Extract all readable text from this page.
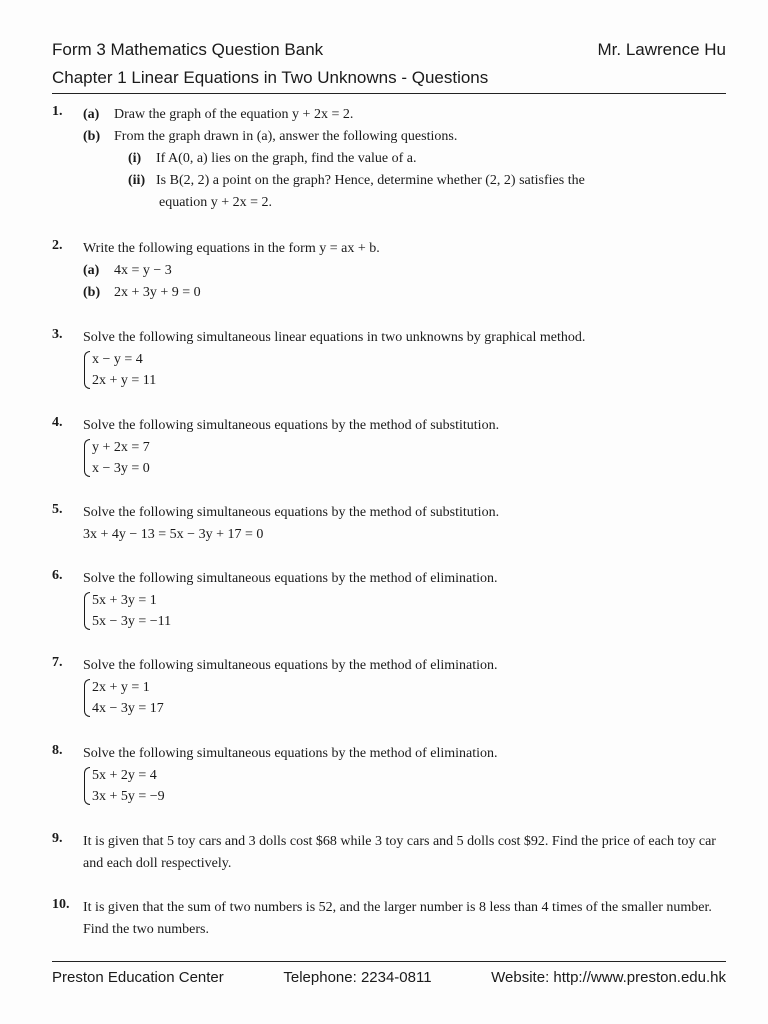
Form 3 Mathematics Question Bank	Mr. Lawrence Hu
Chapter 1 Linear Equations in Two Unknowns - Questions
1.	(a) Draw the graph of the equation y + 2x = 2.
(b) From the graph drawn in (a), answer the following questions.
(i) If A(0, a) lies on the graph, find the value of a.
(ii) Is B(2, 2) a point on the graph? Hence, determine whether (2, 2) satisfies the
equation y + 2x = 2.
2.	Write the following equations in the form y = ax + b.
(a) 4x = y − 3
(b) 2x + 3y + 9 = 0
3.	Solve the following simultaneous linear equations in two unknowns by graphical method.
x − y = 4
2x + y = 11
4.	Solve the following simultaneous equations by the method of substitution.
y + 2x = 7
x − 3y = 0
5.	Solve the following simultaneous equations by the method of substitution.
3x + 4y − 13 = 5x − 3y + 17 = 0
6.	Solve the following simultaneous equations by the method of elimination.
5x + 3y = 1
5x − 3y = −11
7.	Solve the following simultaneous equations by the method of elimination.
2x + y = 1
4x − 3y = 17
8.	Solve the following simultaneous equations by the method of elimination.
5x + 2y = 4
3x + 5y = −9
9.	It is given that 5 toy cars and 3 dolls cost $68 while 3 toy cars and 5 dolls cost $92. Find the price of each toy car and each doll respectively.
10. It is given that the sum of two numbers is 52, and the larger number is 8 less than 4 times of the smaller number. Find the two numbers.
Preston Education Center	Telephone: 2234-0811	Website: http://www.preston.edu.hk
